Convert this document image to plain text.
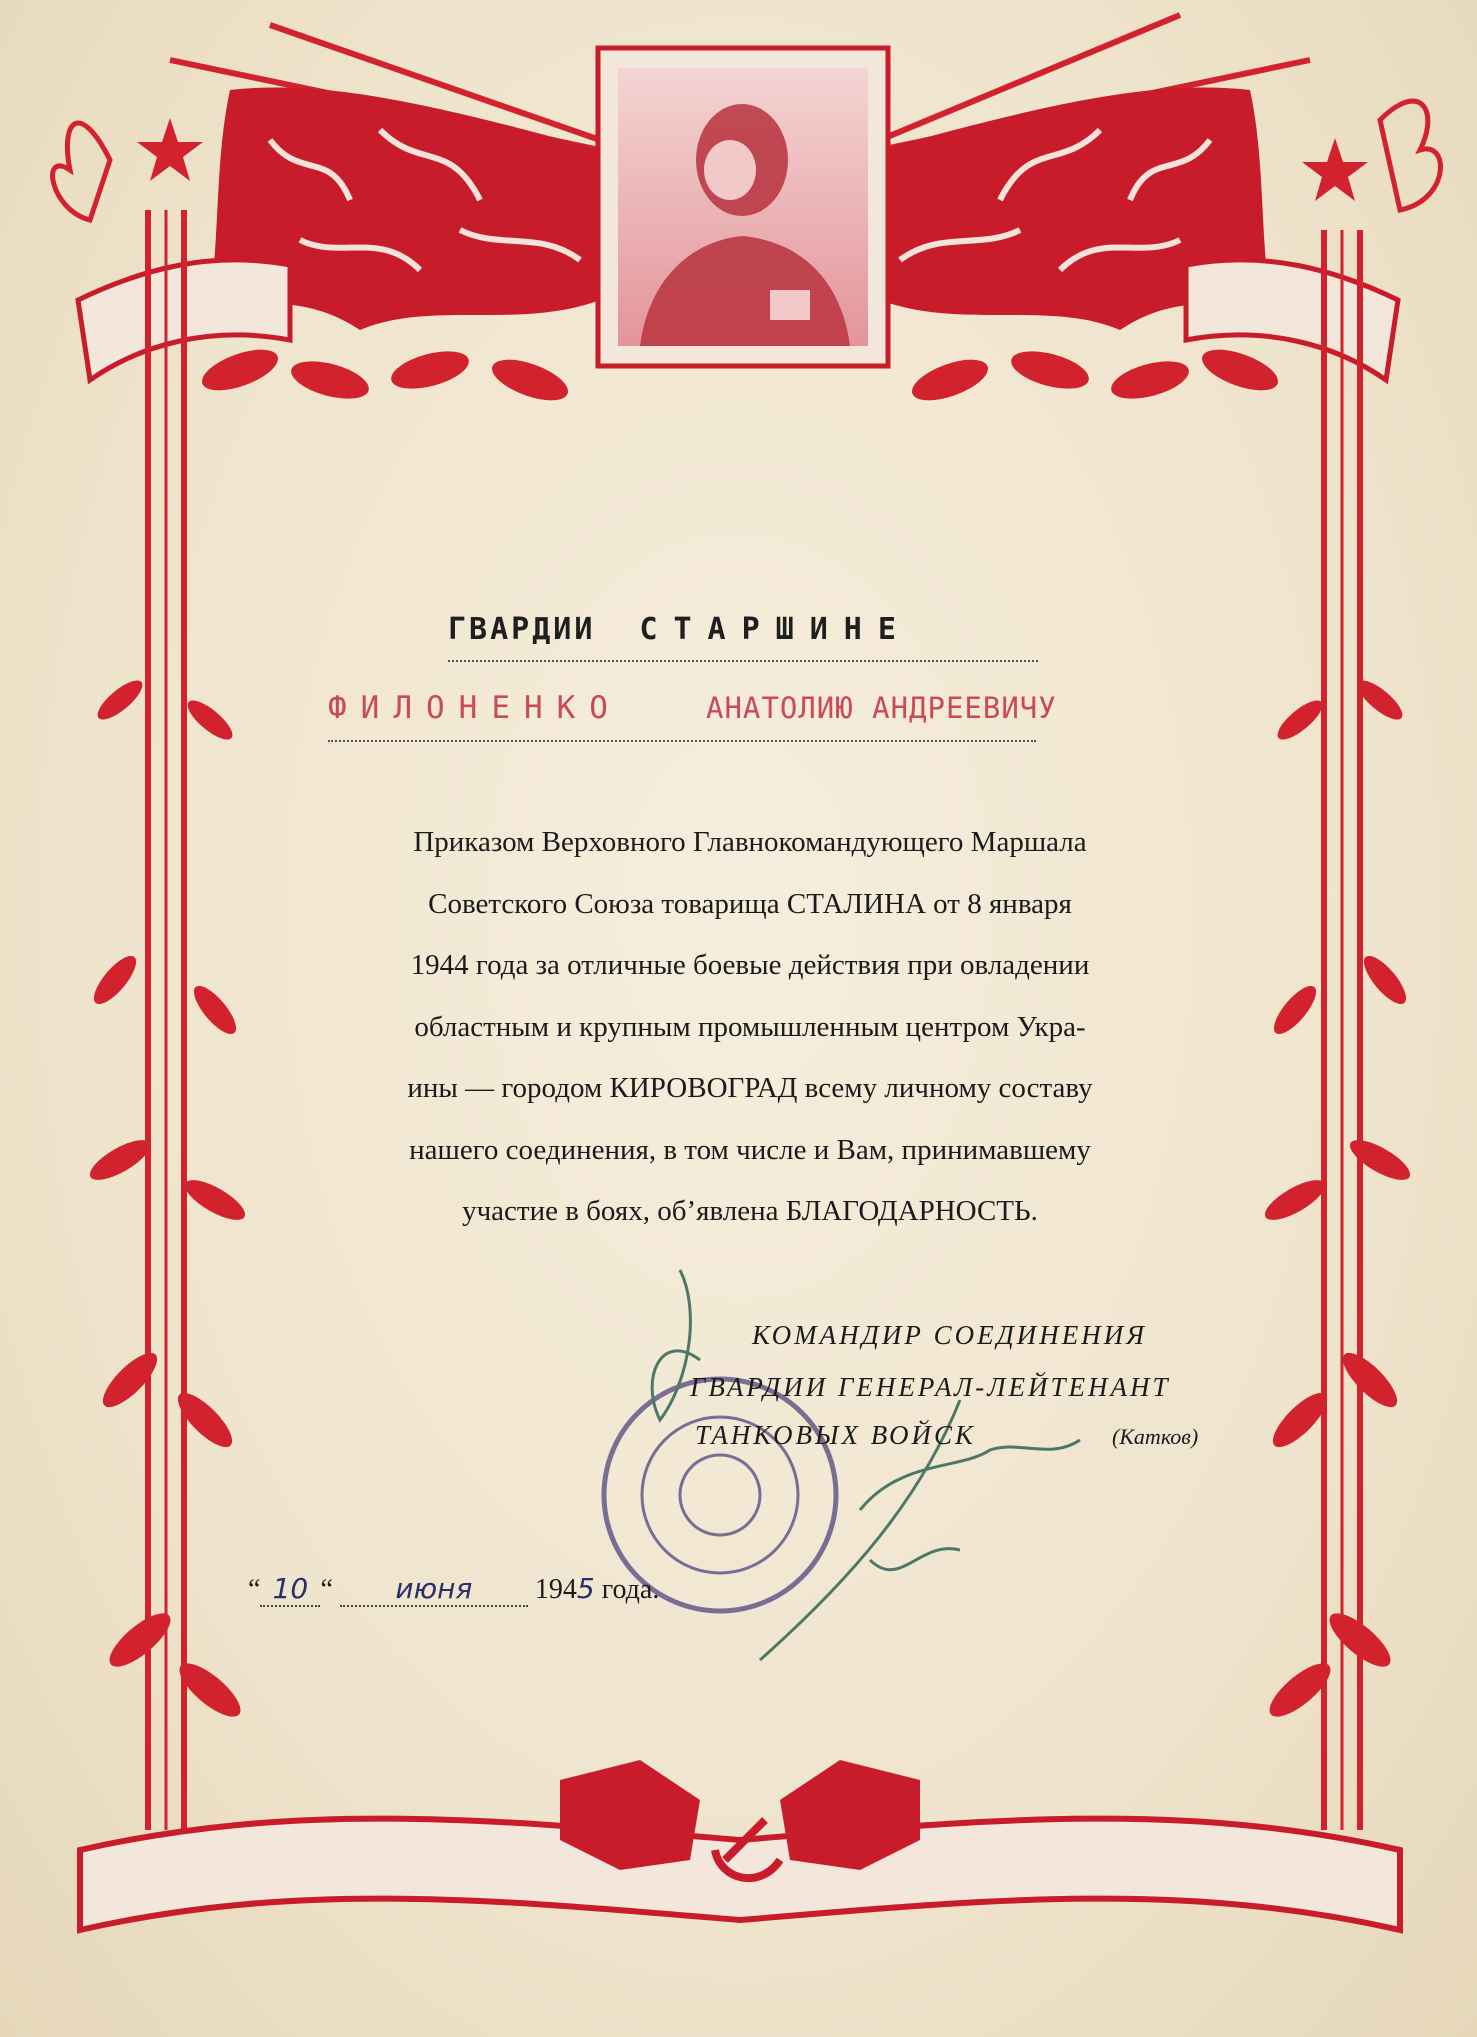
ГВАРДИИ СТАРШИНЕ
ФИЛОНЕНКО	АНАТОЛИЮ АНДРЕЕВИЧУ
Приказом Верховного Главнокомандующего Маршала
Советского Союза товарища СТАЛИНА от 8 января
1944 года за отличные боевые действия при овладении
областным и крупным промышленным центром Укра-
ины — городом КИРОВОГРАД всему личному составу
нашего соединения, в том числе и Вам, принимавшему
участие в боях, об’явлена БЛАГОДАРНОСТЬ.
КОМАНДИР СОЕДИНЕНИЯ
ГВАРДИИ ГЕНЕРАЛ-ЛЕЙТЕНАНТ
ТАНКОВЫХ ВОЙСК	(Катков)
“ 10 “ июня 1945 года.
